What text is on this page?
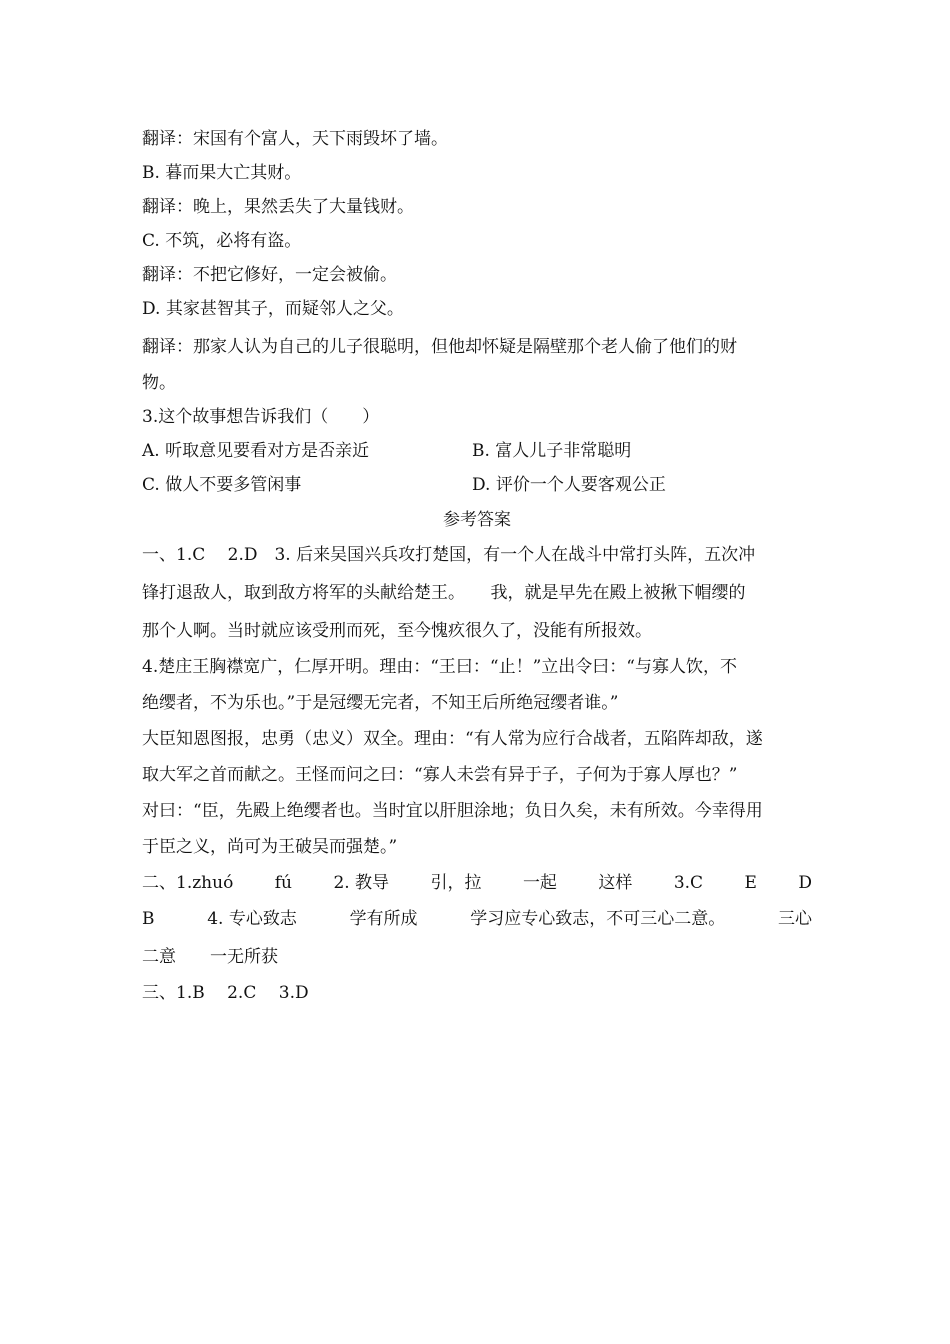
翻译：宋国有个富人，天下雨毁坏了墙。
B. 暮而果大亡其财。
翻译：晚上，果然丢失了大量钱财。
C. 不筑，必将有盗。
翻译：不把它修好，一定会被偷。
D. 其家甚智其子，而疑邻人之父。
翻译：那家人认为自己的儿子很聪明，但他却怀疑是隔壁那个老人偷了他们的财
物。
3.这个故事想告诉我们（　　）
A. 听取意见要看对方是否亲近	B. 富人儿子非常聪明
C. 做人不要多管闲事	D. 评价一个人要客观公正
参考答案
一、1.C　 2.D　3. 后来吴国兴兵攻打楚国，有一个人在战斗中常打头阵，五次冲
锋打退敌人，取到敌方将军的头献给楚王。　　我，就是早先在殿上被揪下帽缨的
那个人啊。当时就应该受刑而死，至今愧疚很久了，没能有所报效。
4.楚庄王胸襟宽广，仁厚开明。理由：“王曰：“止！”立出令曰：“与寡人饮，不
绝缨者，不为乐也。”于是冠缨无完者，不知王后所绝冠缨者谁。”
大臣知恩图报，忠勇（忠义）双全。理由：“有人常为应行合战者，五陷阵却敌，遂
取大军之首而献之。王怪而问之曰：“寡人未尝有异于子，子何为于寡人厚也？”
对曰：“臣，先殿上绝缨者也。当时宜以肝胆涂地；负日久矣，未有所效。今幸得用
于臣之义，尚可为王破吴而强楚。”
二、1.zhuó fú 2. 教导 引，拉 一起 这样 3.C E D
B	4. 专心致志	学有所成	学习应专心致志，不可三心二意。	三心
二意　　一无所获
三、1.B　 2.C　 3.D
